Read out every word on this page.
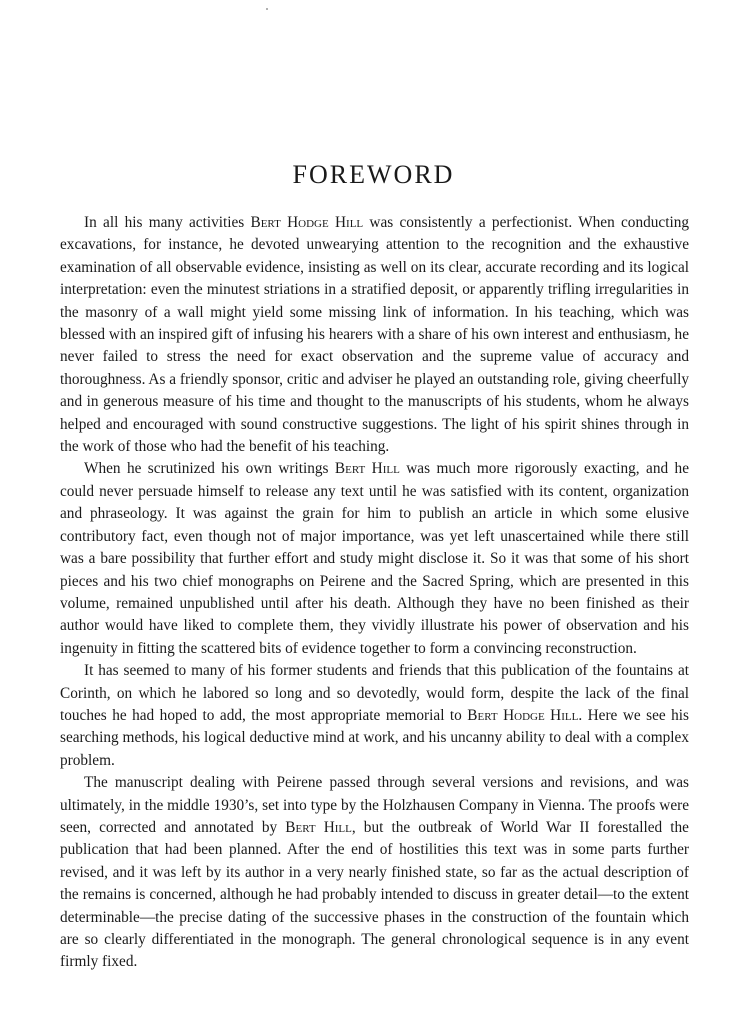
FOREWORD

In all his many activities Bert Hodge Hill was consistently a perfectionist. When conducting excavations, for instance, he devoted unwearying attention to the recognition and the exhaustive examination of all observable evidence, insisting as well on its clear, accurate recording and its logical interpretation: even the minutest striations in a stratified deposit, or apparently trifling irregularities in the masonry of a wall might yield some missing link of information. In his teaching, which was blessed with an inspired gift of infusing his hearers with a share of his own interest and enthusiasm, he never failed to stress the need for exact observation and the supreme value of accuracy and thoroughness. As a friendly sponsor, critic and adviser he played an outstanding role, giving cheerfully and in generous measure of his time and thought to the manuscripts of his students, whom he always helped and encouraged with sound constructive suggestions. The light of his spirit shines through in the work of those who had the benefit of his teaching.

When he scrutinized his own writings Bert Hill was much more rigorously exacting, and he could never persuade himself to release any text until he was satisfied with its content, organization and phraseology. It was against the grain for him to publish an article in which some elusive contributory fact, even though not of major importance, was yet left unascertained while there still was a bare possibility that further effort and study might disclose it. So it was that some of his short pieces and his two chief monographs on Peirene and the Sacred Spring, which are presented in this volume, remained unpublished until after his death. Although they have no been finished as their author would have liked to complete them, they vividly illustrate his power of observation and his ingenuity in fitting the scattered bits of evidence together to form a convincing reconstruction.

It has seemed to many of his former students and friends that this publication of the fountains at Corinth, on which he labored so long and so devotedly, would form, despite the lack of the final touches he had hoped to add, the most appropriate memorial to Bert Hodge Hill. Here we see his searching methods, his logical deductive mind at work, and his uncanny ability to deal with a complex problem.

The manuscript dealing with Peirene passed through several versions and revisions, and was ultimately, in the middle 1930’s, set into type by the Holzhausen Company in Vienna. The proofs were seen, corrected and annotated by Bert Hill, but the outbreak of World War II forestalled the publication that had been planned. After the end of hostilities this text was in some parts further revised, and it was left by its author in a very nearly finished state, so far as the actual description of the remains is concerned, although he had probably intended to discuss in greater detail—to the extent determinable—the precise dating of the successive phases in the construction of the fountain which are so clearly differentiated in the monograph. The general chronological sequence is in any event firmly fixed.
